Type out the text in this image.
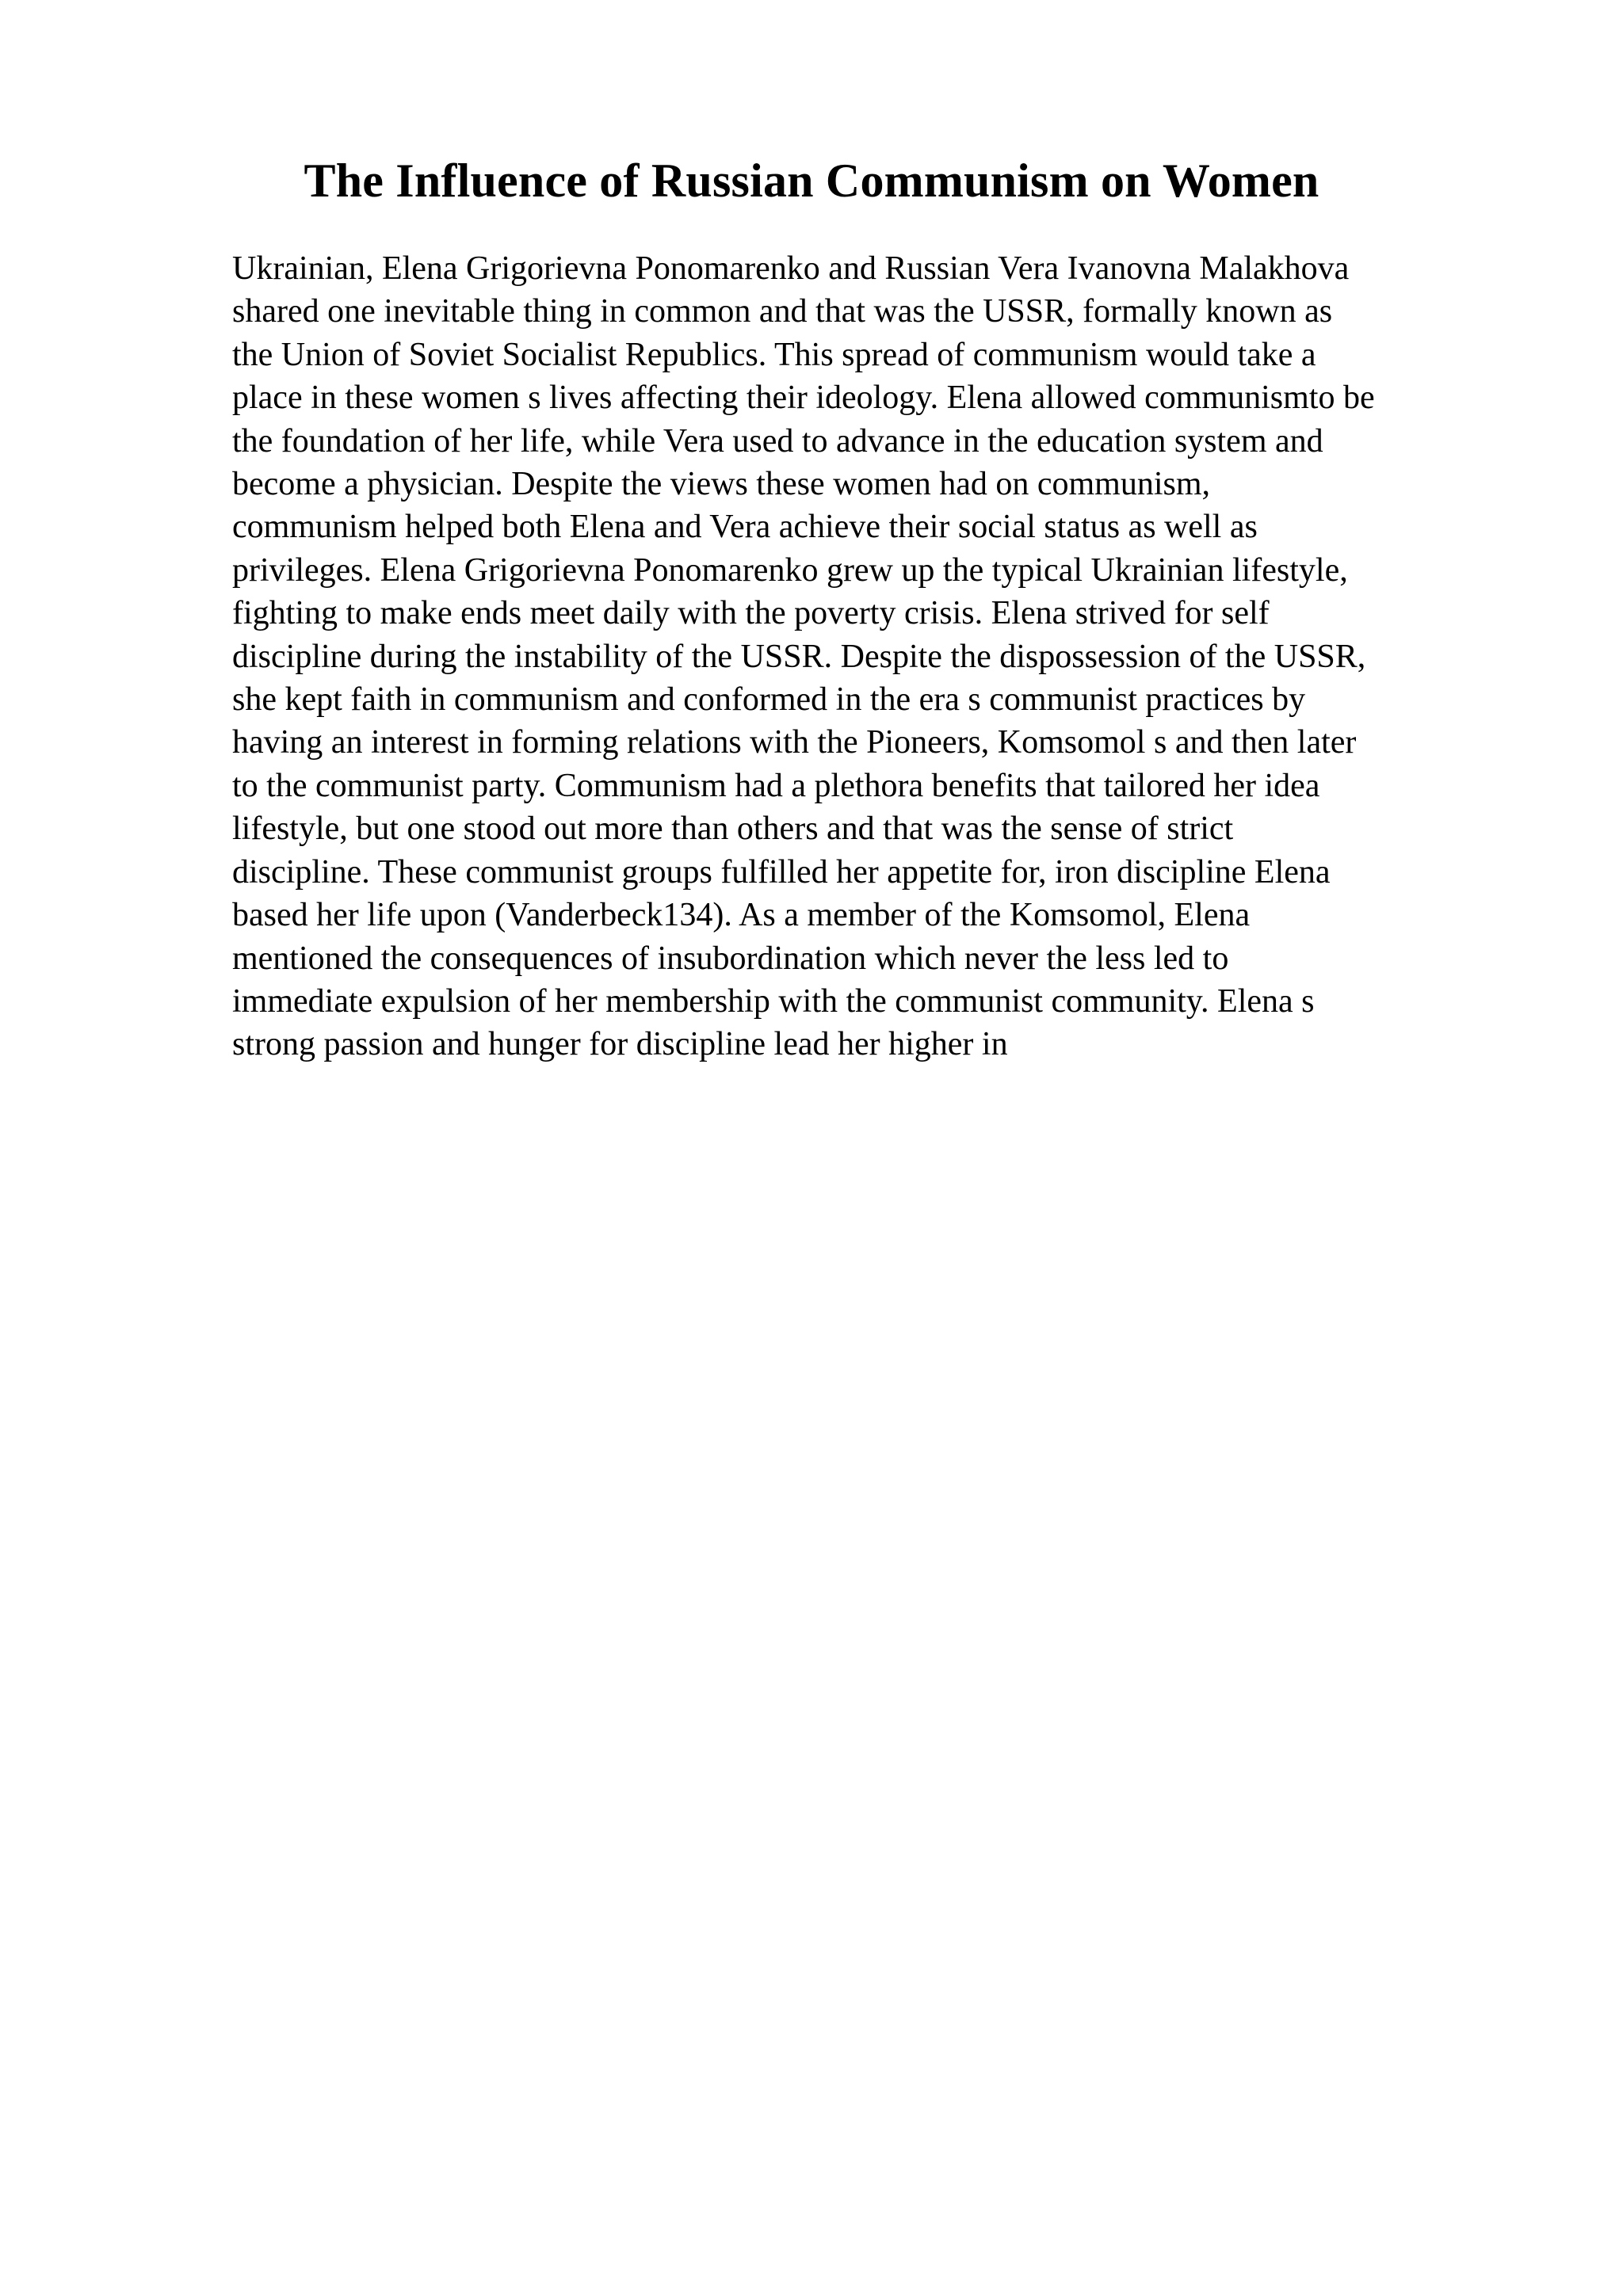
The Influence of Russian Communism on Women
Ukrainian, Elena Grigorievna Ponomarenko and Russian Vera Ivanovna Malakhova
shared one inevitable thing in common and that was the USSR, formally known as
the Union of Soviet Socialist Republics. This spread of communism would take a
place in these women s lives affecting their ideology. Elena allowed communismto be
the foundation of her life, while Vera used to advance in the education system and
become a physician. Despite the views these women had on communism,
communism helped both Elena and Vera achieve their social status as well as
privileges. Elena Grigorievna Ponomarenko grew up the typical Ukrainian lifestyle,
fighting to make ends meet daily with the poverty crisis. Elena strived for self
discipline during the instability of the USSR. Despite the dispossession of the USSR,
she kept faith in communism and conformed in the era s communist practices by
having an interest in forming relations with the Pioneers, Komsomol s and then later
to the communist party. Communism had a plethora benefits that tailored her idea
lifestyle, but one stood out more than others and that was the sense of strict
discipline. These communist groups fulfilled her appetite for, iron discipline Elena
based her life upon (Vanderbeck134). As a member of the Komsomol, Elena
mentioned the consequences of insubordination which never the less led to
immediate expulsion of her membership with the communist community. Elena s
strong passion and hunger for discipline lead her higher in
